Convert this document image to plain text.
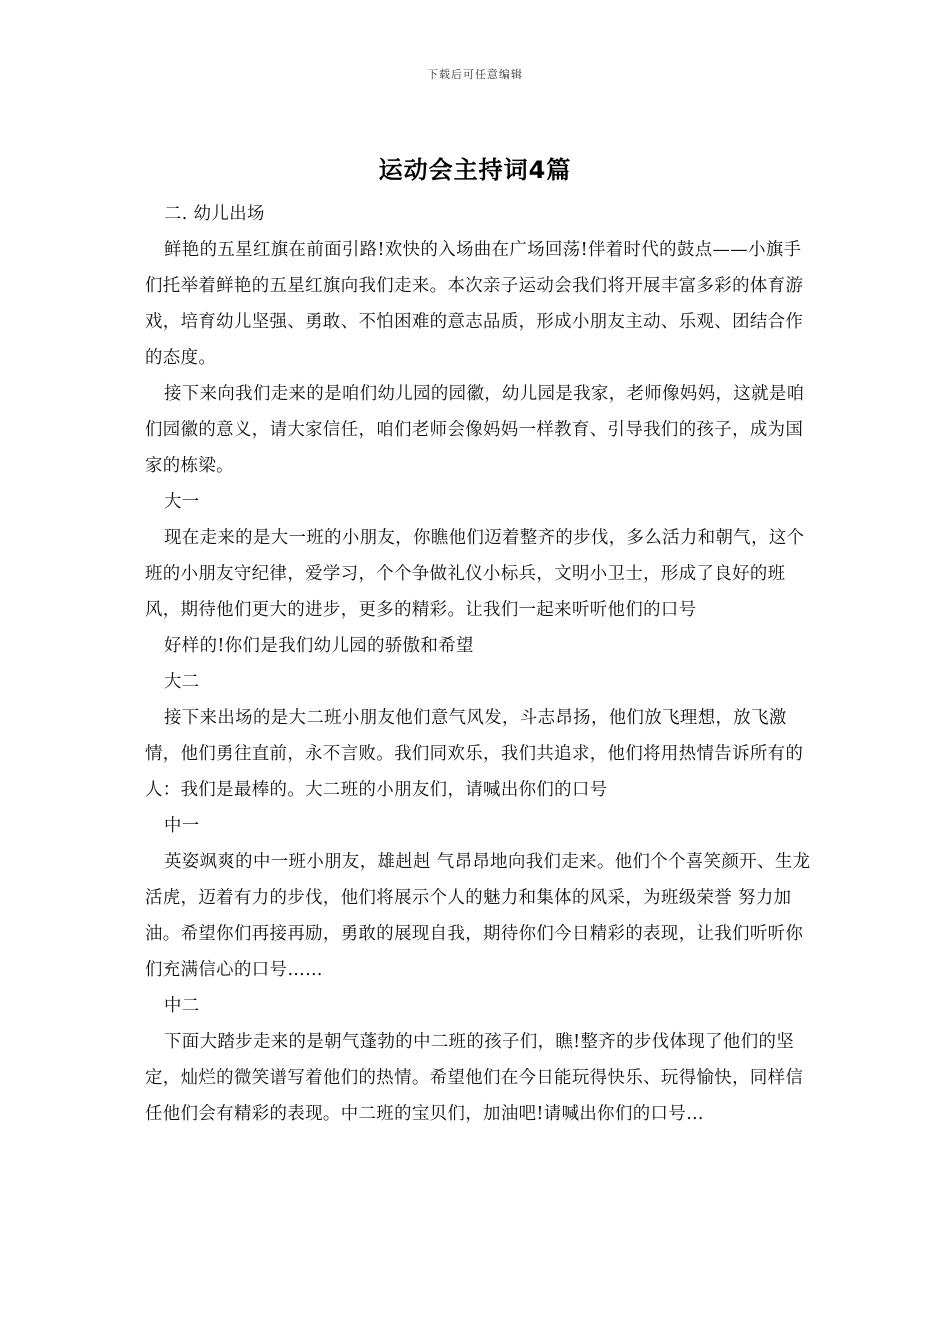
下载后可任意编辑
运动会主持词4篇

二. 幼儿出场

鲜艳的五星红旗在前面引路!欢快的入场曲在广场回荡!伴着时代的鼓点——小旗手们托举着鲜艳的五星红旗向我们走来。本次亲子运动会我们将开展丰富多彩的体育游戏，培育幼儿坚强、勇敢、不怕困难的意志品质，形成小朋友主动、乐观、团结合作的态度。

接下来向我们走来的是咱们幼儿园的园徽，幼儿园是我家，老师像妈妈，这就是咱们园徽的意义，请大家信任，咱们老师会像妈妈一样教育、引导我们的孩子，成为国家的栋梁。

大一

现在走来的是大一班的小朋友，你瞧他们迈着整齐的步伐，多么活力和朝气，这个班的小朋友守纪律，爱学习，个个争做礼仪小标兵，文明小卫士，形成了良好的班风，期待他们更大的进步，更多的精彩。让我们一起来听听他们的口号

好样的!你们是我们幼儿园的骄傲和希望

大二

接下来出场的是大二班小朋友他们意气风发，斗志昂扬，他们放飞理想，放飞激情，他们勇往直前，永不言败。我们同欢乐，我们共追求，他们将用热情告诉所有的人：我们是最棒的。大二班的小朋友们，请喊出你们的口号

中一

英姿飒爽的中一班小朋友，雄赳赳 气昂昂地向我们走来。他们个个喜笑颜开、生龙活虎，迈着有力的步伐，他们将展示个人的魅力和集体的风采，为班级荣誉 努力加油。希望你们再接再励，勇敢的展现自我，期待你们今日精彩的表现，让我们听听你们充满信心的口号……

中二

下面大踏步走来的是朝气蓬勃的中二班的孩子们，瞧!整齐的步伐体现了他们的坚定，灿烂的微笑谱写着他们的热情。希望他们在今日能玩得快乐、玩得愉快，同样信任他们会有精彩的表现。中二班的宝贝们，加油吧!请喊出你们的口号…
